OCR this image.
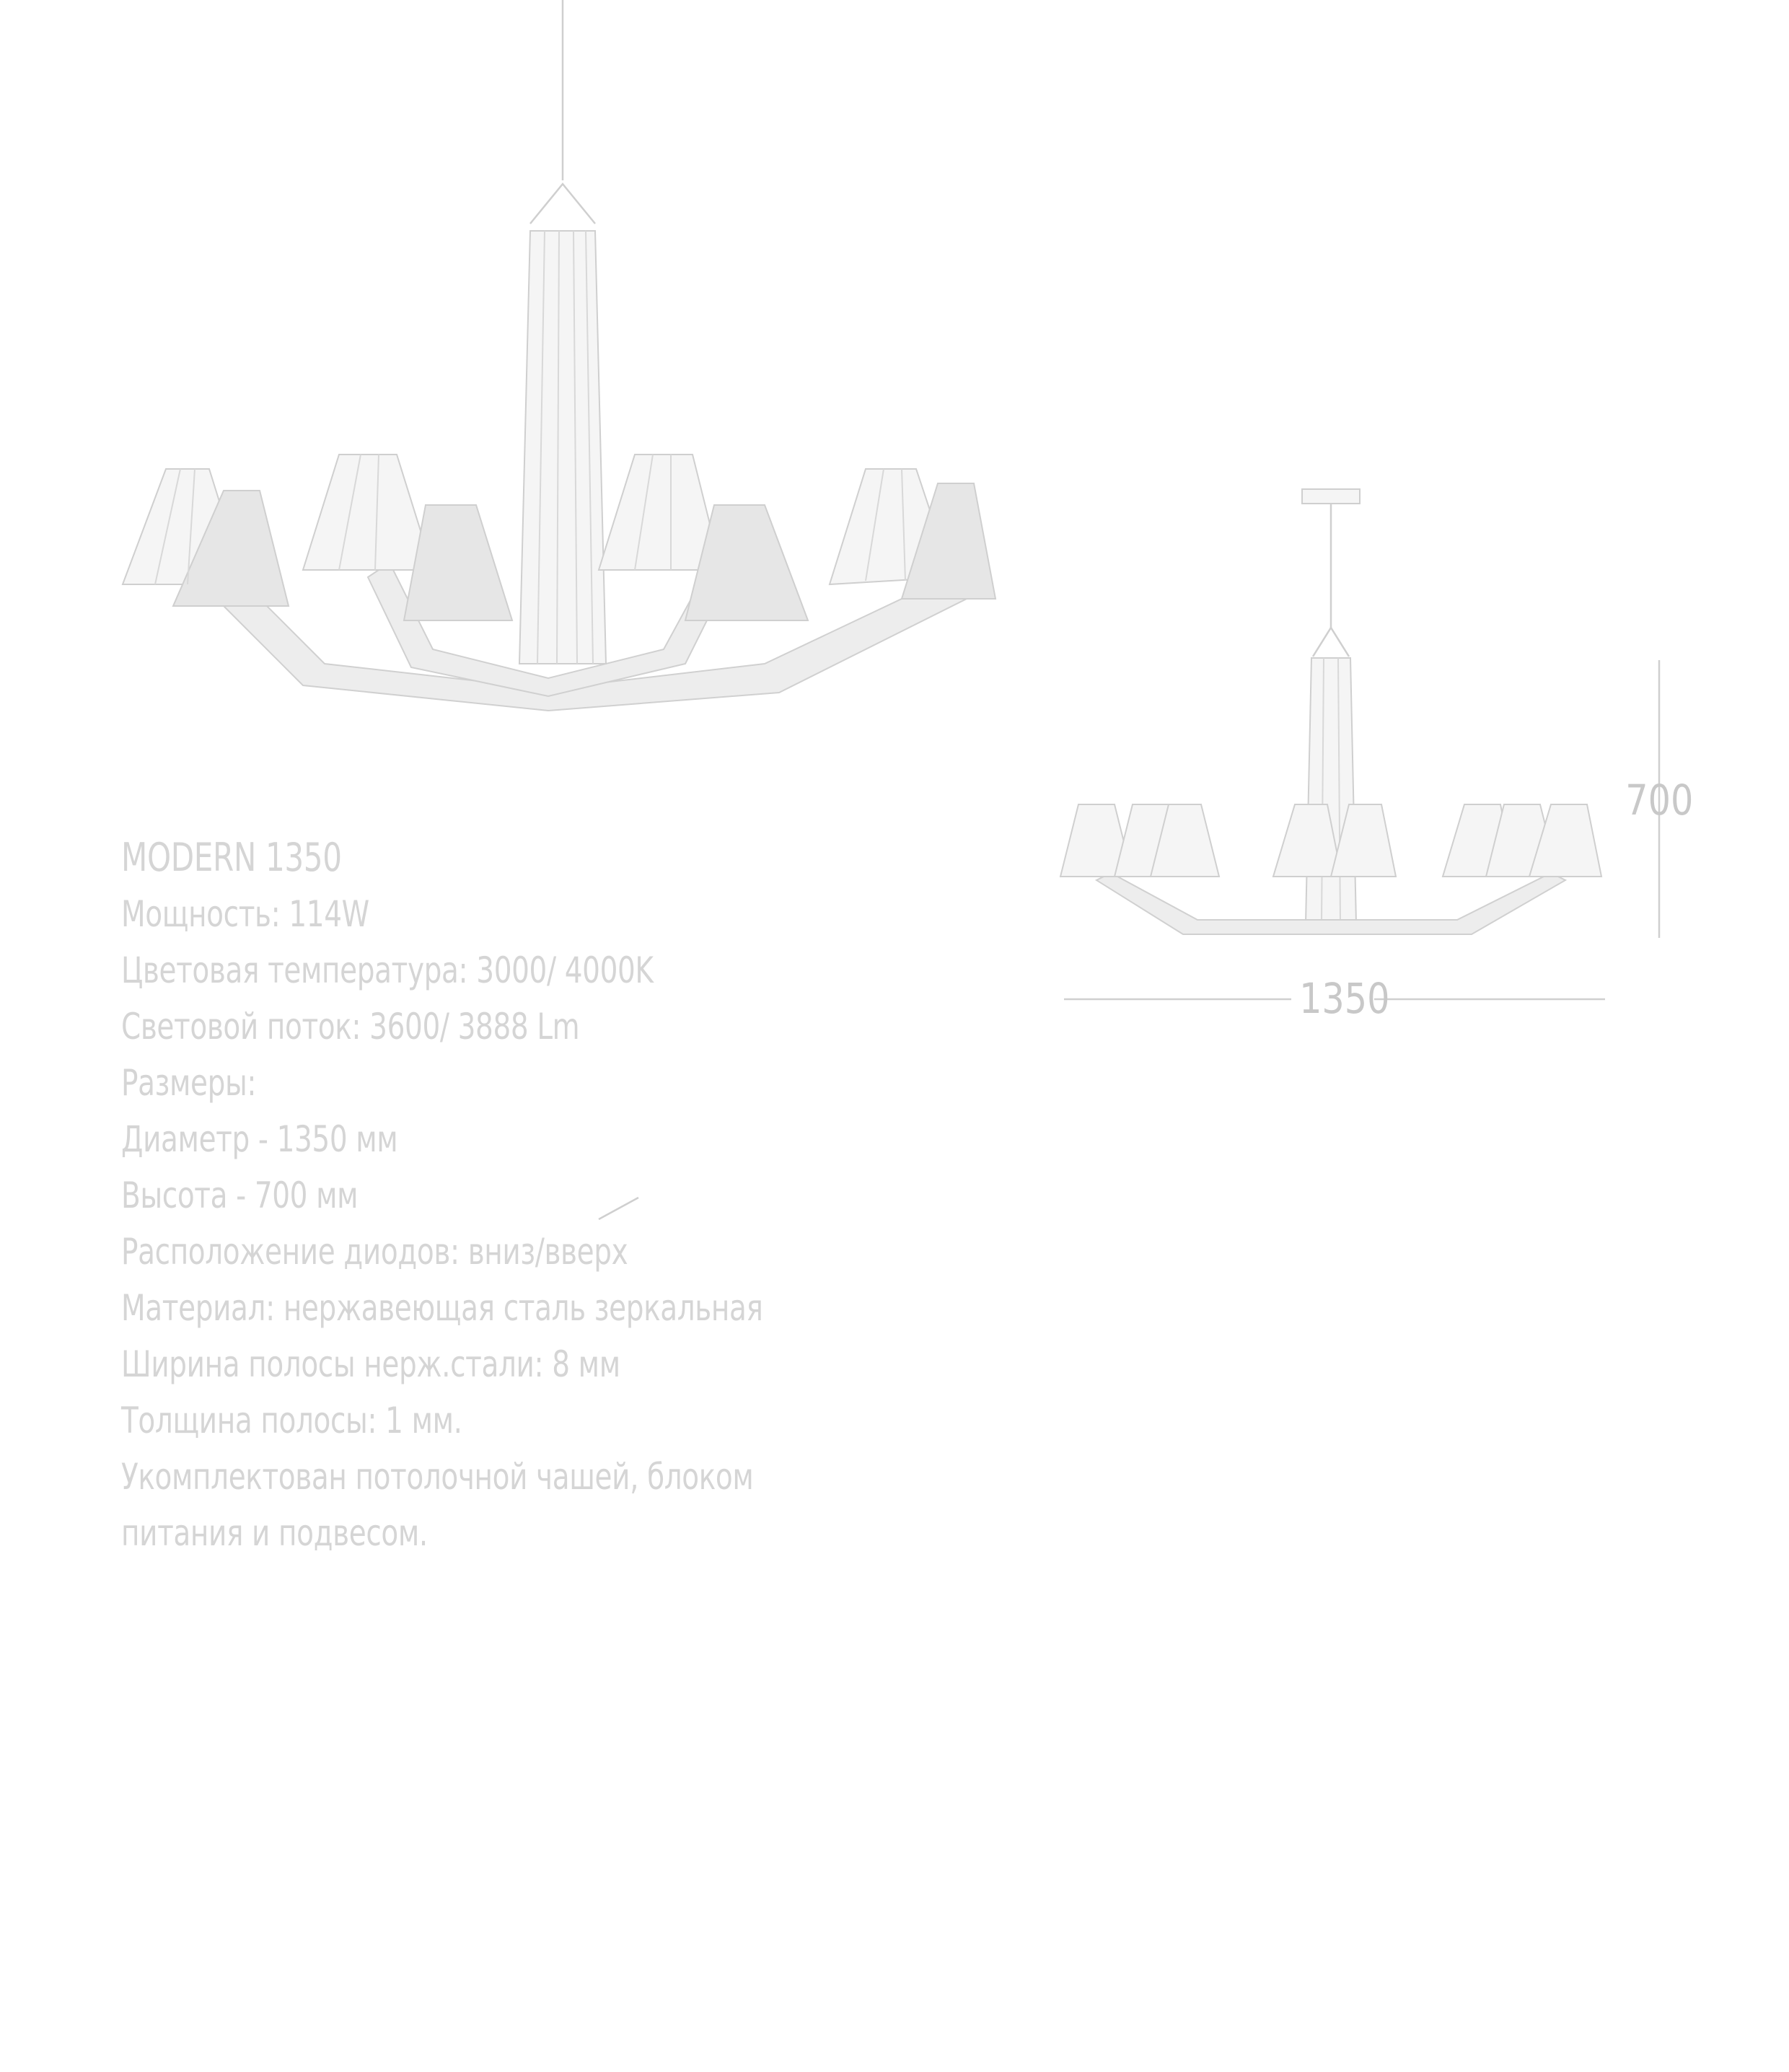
MODERN 1350
Мощность: 114W
Цветовая температура: 3000/ 4000K
Световой поток: 3600/ 3888 Lm
Размеры:
Диаметр - 1350 мм
Высота - 700 мм
Расположение диодов: вниз/вверх
Материал: нержавеющая сталь зеркальная
Ширина полосы нерж.стали: 8 мм
Толщина полосы: 1 мм.
Укомплектован потолочной чашей, блоком
питания и подвесом.
1350
700
